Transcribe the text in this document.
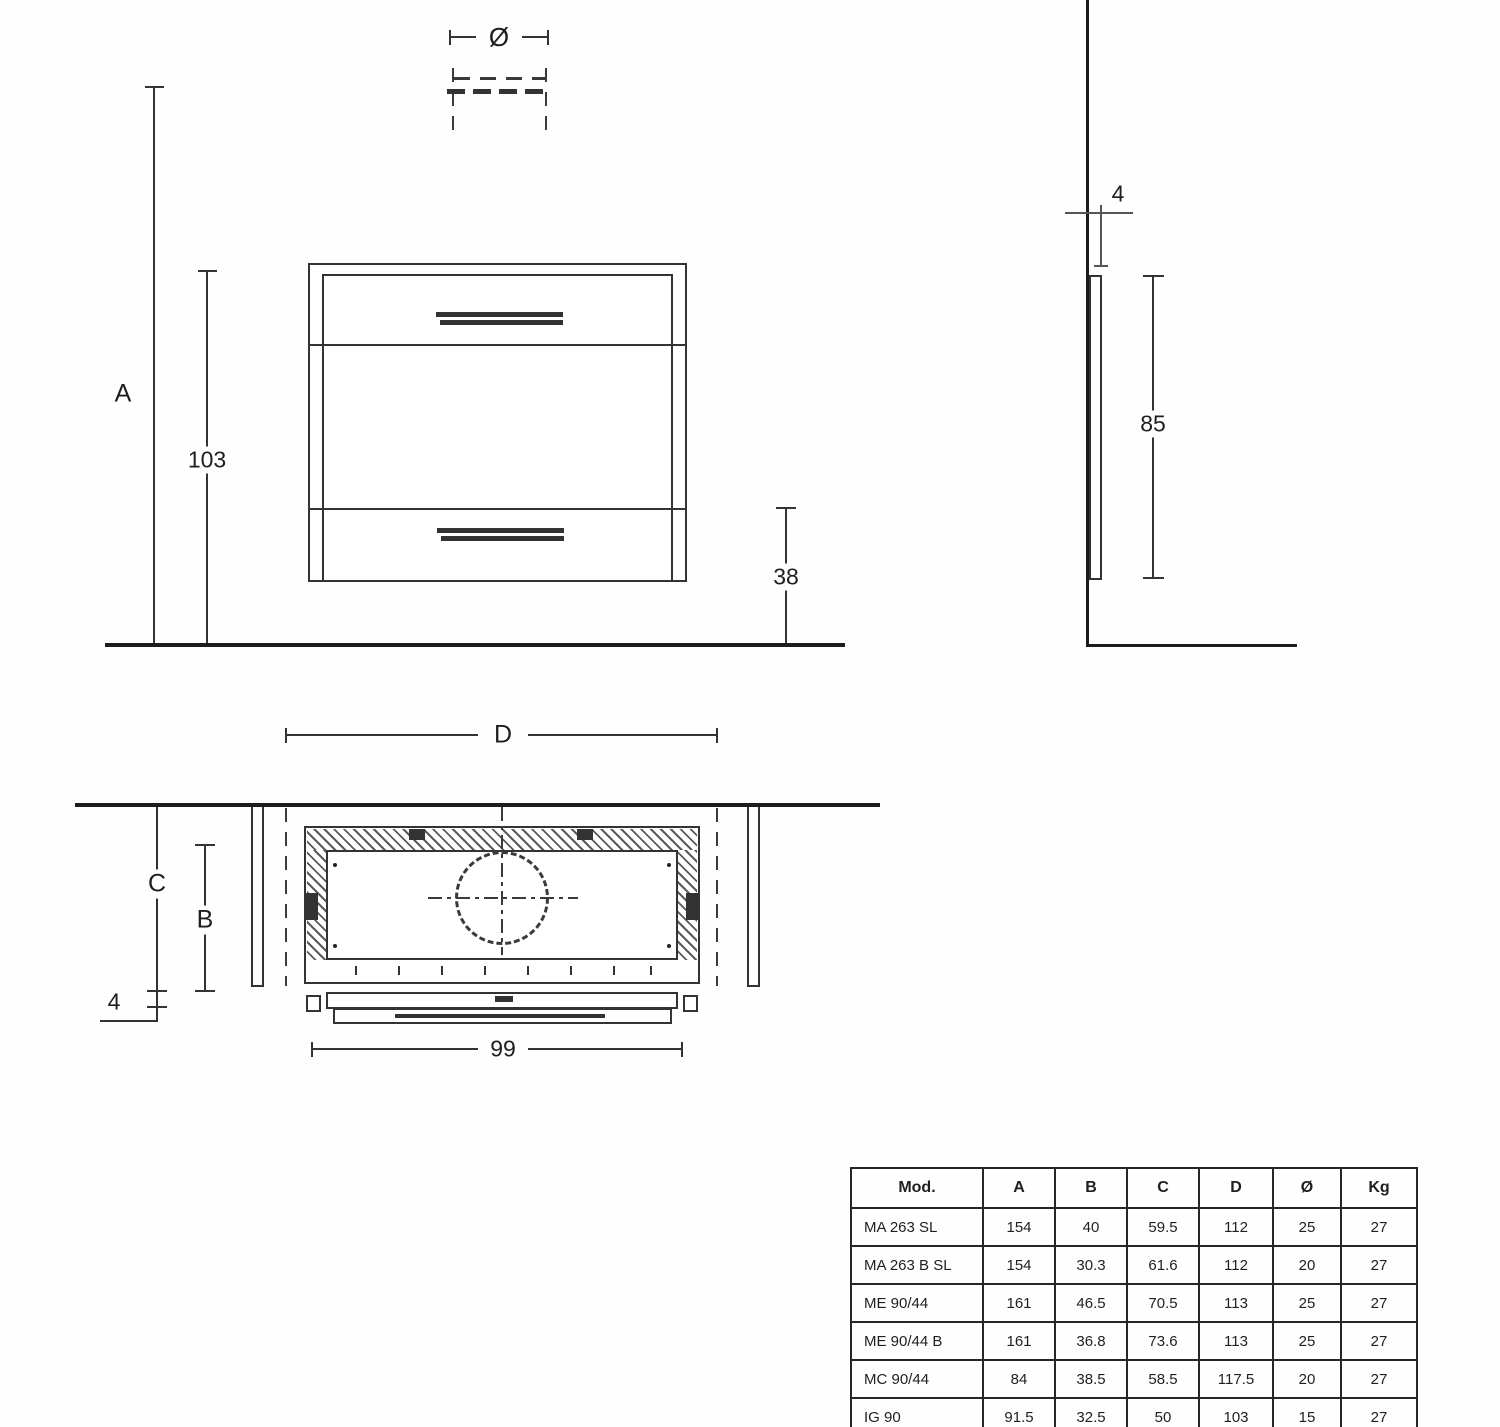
Ø
A
103
38
4
85
D
C
B
4
99
Mod.	A	B	C	D	Ø	Kg
MA 263 SL	154	40	59.5	112	25	27
MA 263 B SL	154	30.3	61.6	112	20	27
ME 90/44	161	46.5	70.5	113	25	27
ME 90/44 B	161	36.8	73.6	113	25	27
MC 90/44	84	38.5	58.5	117.5	20	27
IG 90	91.5	32.5	50	103	15	27
